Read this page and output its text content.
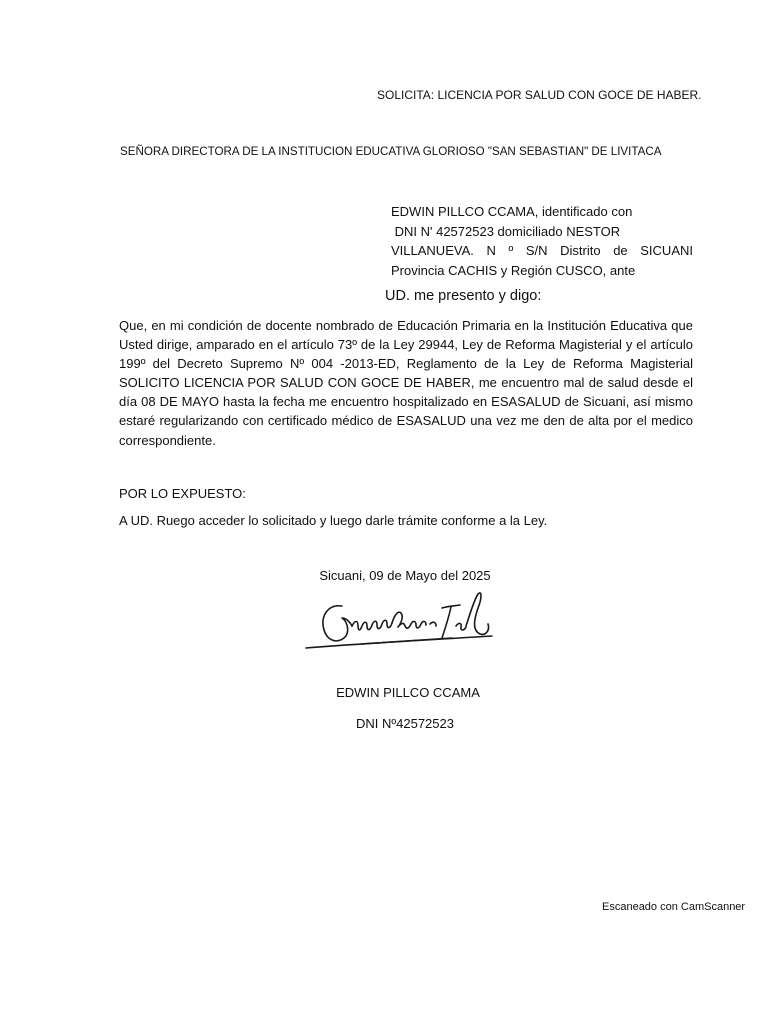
SOLICITA: LICENCIA POR SALUD CON GOCE DE HABER.
SEÑORA DIRECTORA DE LA INSTITUCION EDUCATIVA GLORIOSO "SAN SEBASTIAN" DE LIVITACA
EDWIN PILLCO CCAMA, identificado con
DNI N' 42572523 domiciliado NESTOR
VILLANUEVA. N º S/N Distrito de SICUANI
Provincia CACHIS y Región CUSCO, ante
UD. me presento y digo:
Que, en mi condición de docente nombrado de Educación Primaria en la Institución Educativa que Usted dirige, amparado en el artículo 73º de la Ley 29944, Ley de Reforma Magisterial y el artículo 199º del Decreto Supremo Nº 004 -2013-ED, Reglamento de la Ley de Reforma Magisterial SOLICITO LICENCIA POR SALUD CON GOCE DE HABER, me encuentro mal de salud desde el día 08 DE MAYO hasta la fecha me encuentro hospitalizado en ESASALUD de Sicuani, así mismo estaré regularizando con certificado médico de ESASALUD una vez me den de alta por el medico correspondiente.
POR LO EXPUESTO:
A UD. Ruego acceder lo solicitado y luego darle trámite conforme a la Ley.
Sicuani, 09 de Mayo del 2025
EDWIN PILLCO CCAMA
DNI Nº42572523
Escaneado con CamScanner
